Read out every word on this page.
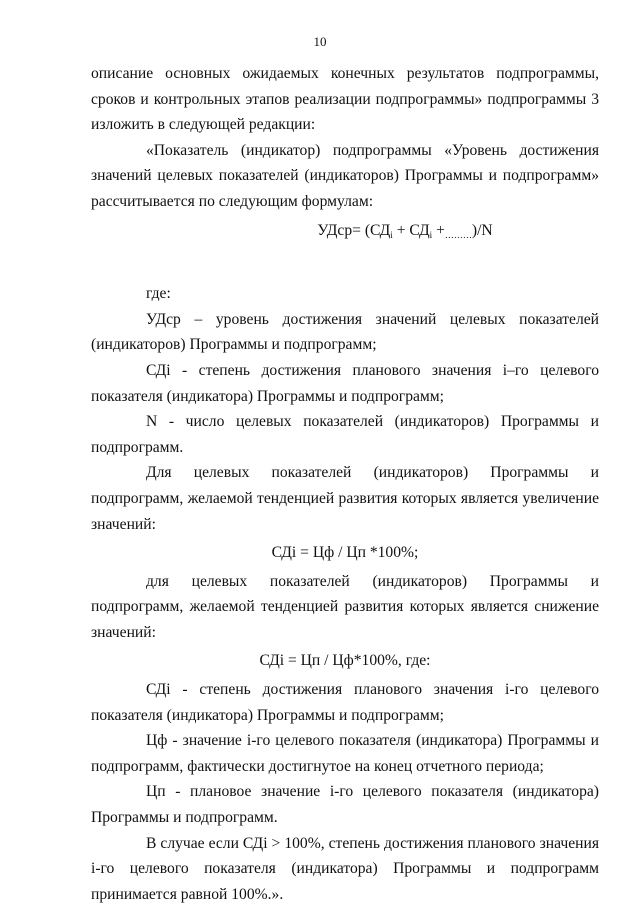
10

описание основных ожидаемых конечных результатов подпрограммы, сроков и контрольных этапов реализации подпрограммы» подпрограммы 3 изложить в следующей редакции:

«Показатель (индикатор) подпрограммы «Уровень достижения значений целевых показателей (индикаторов) Программы и подпрограмм» рассчитывается по следующим формулам:

УДср= $(СД_i + СД_i +_{\dots\dots\dots})/N$

где:

УДср – уровень достижения значений целевых показателей (индикаторов) Программы и подпрограмм;

СДi - степень достижения планового значения i–го целевого показателя (индикатора) Программы и подпрограмм;

N - число целевых показателей (индикаторов) Программы и подпрограмм.

Для целевых показателей (индикаторов) Программы и подпрограмм, желаемой тенденцией развития которых является увеличение значений:

СДi = Цф / Цп *100%;

для целевых показателей (индикаторов) Программы и подпрограмм, желаемой тенденцией развития которых является снижение значений:

СДi = Цп / Цф*100%, где:

СДi - степень достижения планового значения i-го целевого показателя (индикатора) Программы и подпрограмм;

Цф - значение i-го целевого показателя (индикатора) Программы и подпрограмм, фактически достигнутое на конец отчетного периода;

Цп - плановое значение i-го целевого показателя (индикатора) Программы и подпрограмм.

В случае если СДi > 100%, степень достижения планового значения i-го целевого показателя (индикатора) Программы и подпрограмм принимается равной 100%.».
